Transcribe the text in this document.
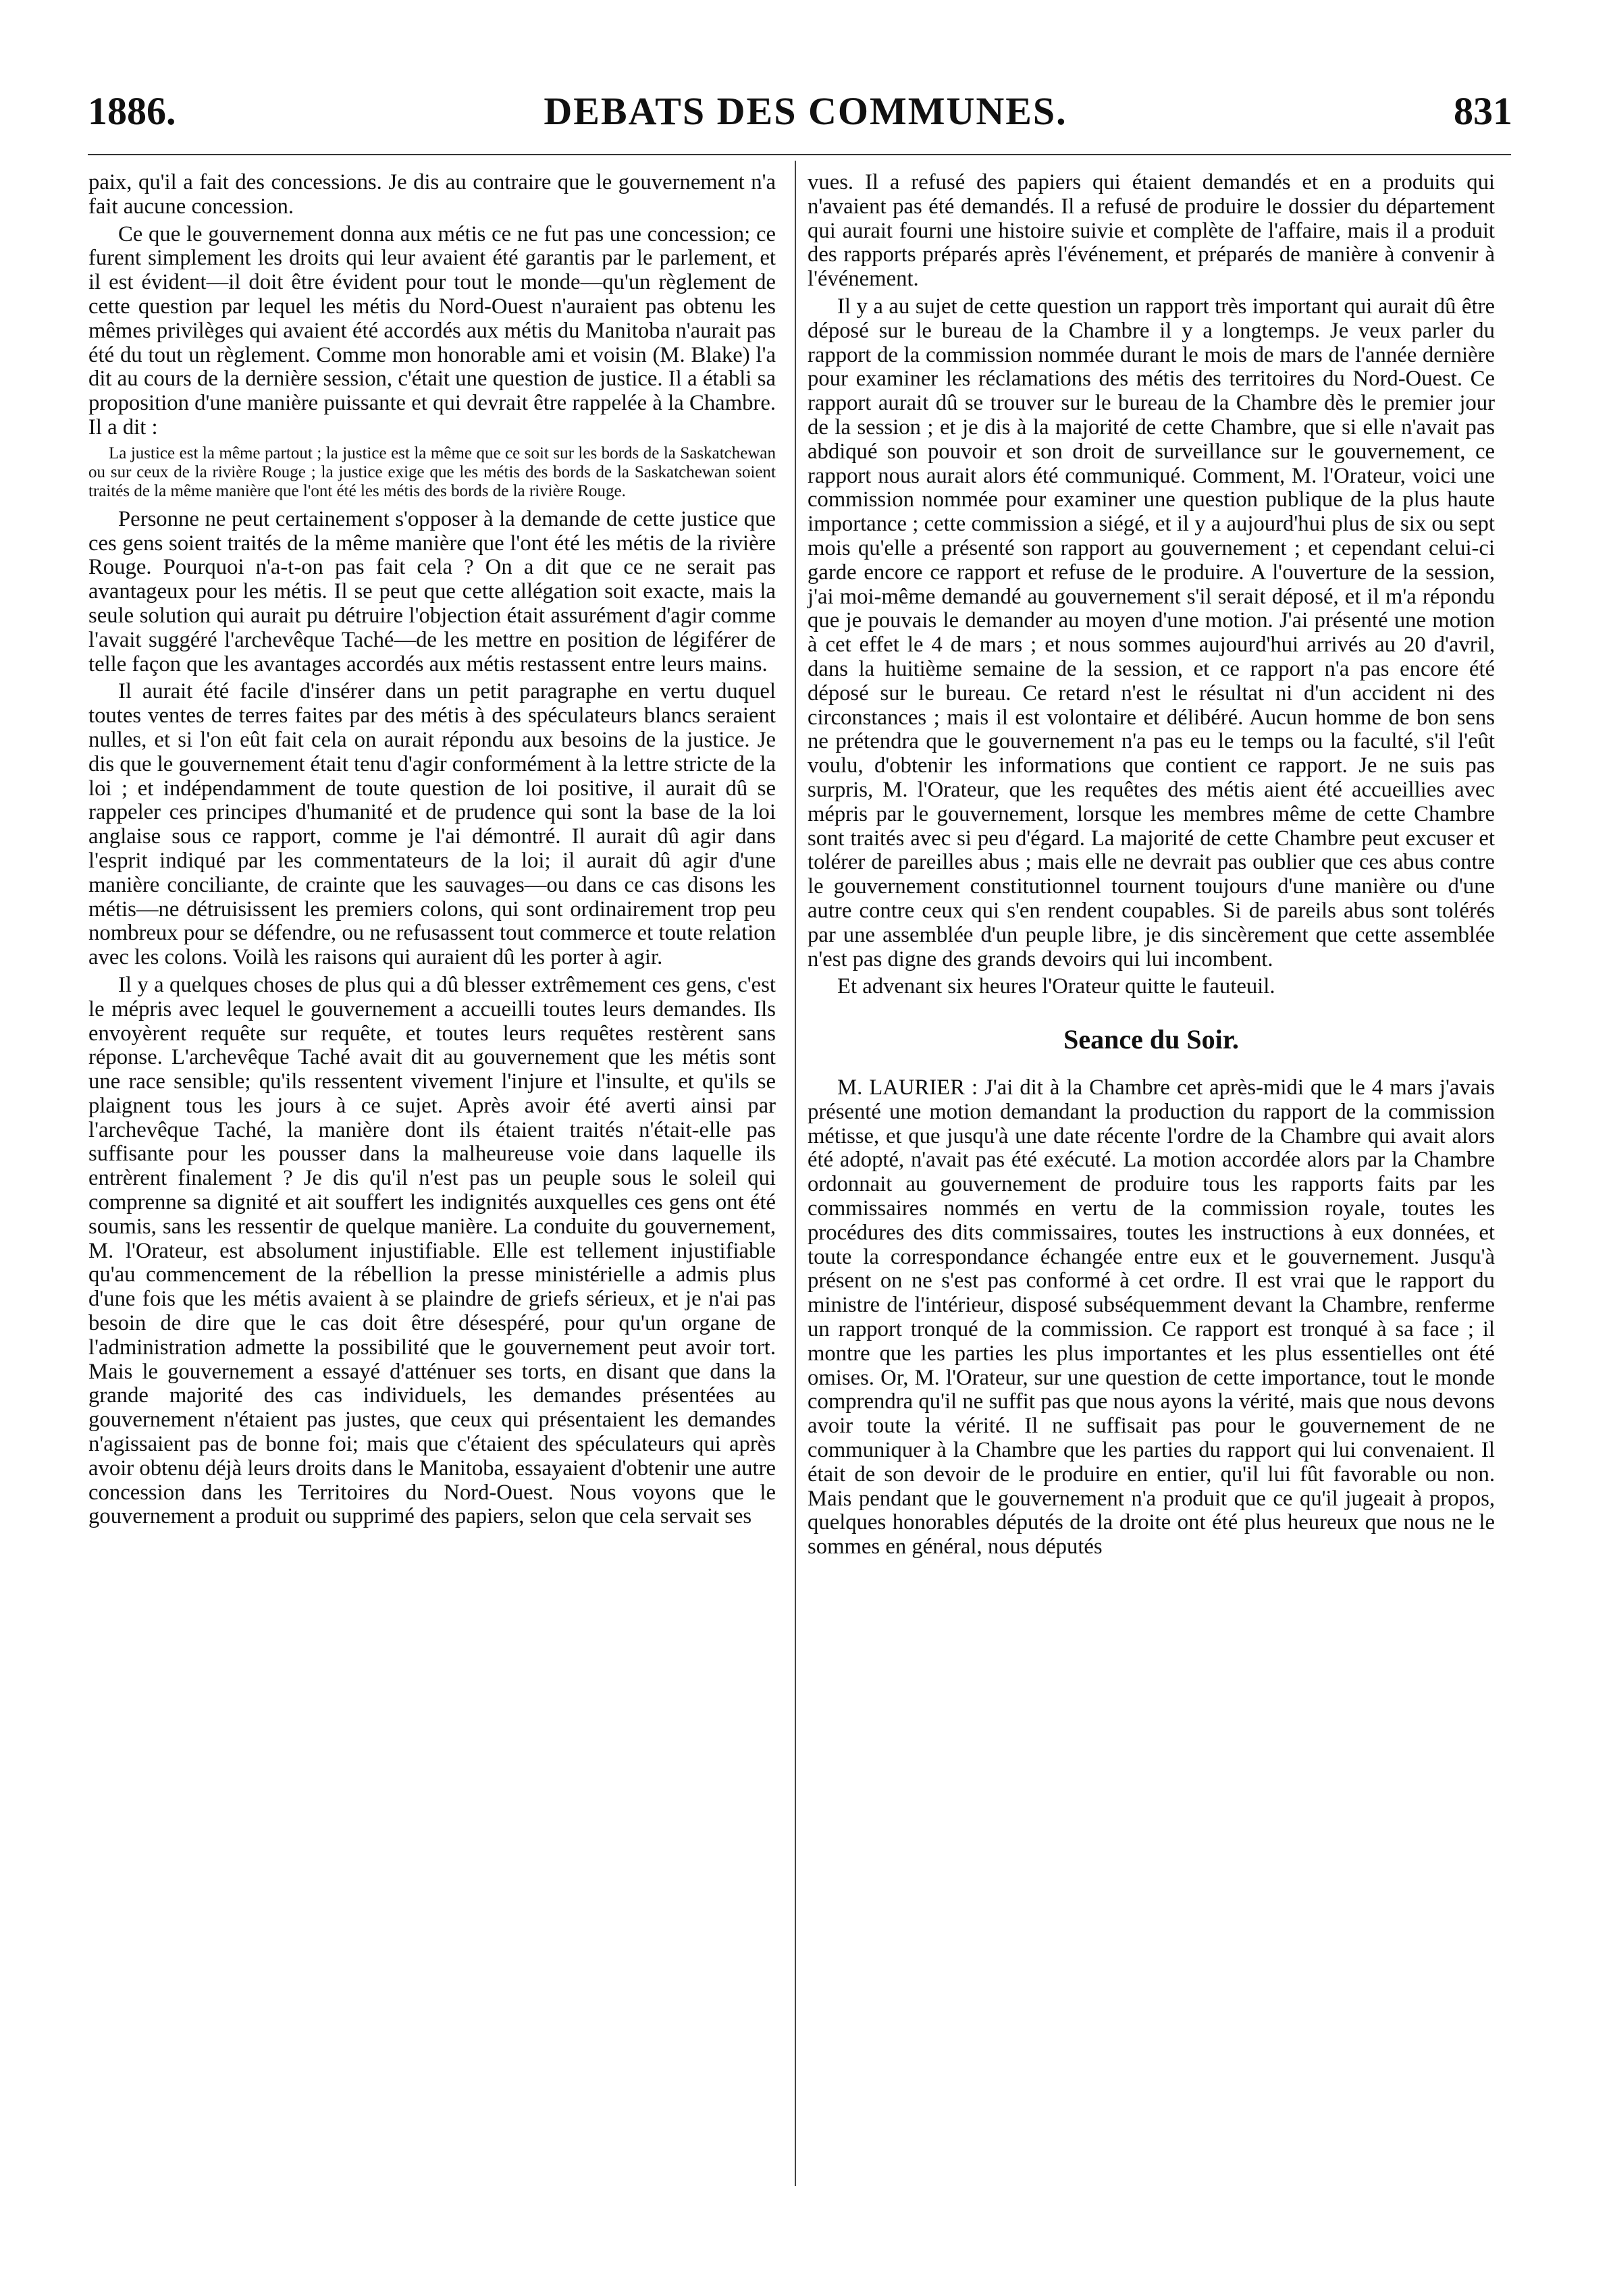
1886.	DEBATS DES COMMUNES.	831

paix, qu'il a fait des concessions. Je dis au contraire que le gouvernement n'a fait aucune concession.

Ce que le gouvernement donna aux métis ce ne fut pas une concession; ce furent simplement les droits qui leur avaient été garantis par le parlement, et il est évident—il doit être évident pour tout le monde—qu'un règlement de cette question par lequel les métis du Nord-Ouest n'auraient pas obtenu les mêmes privilèges qui avaient été accordés aux métis du Manitoba n'aurait pas été du tout un règlement. Comme mon honorable ami et voisin (M. Blake) l'a dit au cours de la dernière session, c'était une question de justice. Il a établi sa proposition d'une manière puissante et qui devrait être rappelée à la Chambre. Il a dit :

La justice est la même partout ; la justice est la même que ce soit sur les bords de la Saskatchewan ou sur ceux de la rivière Rouge ; la justice exige que les métis des bords de la Saskatchewan soient traités de la même manière que l'ont été les métis des bords de la rivière Rouge.

Personne ne peut certainement s'opposer à la demande de cette justice que ces gens soient traités de la même manière que l'ont été les métis de la rivière Rouge. Pourquoi n'a-t-on pas fait cela ? On a dit que ce ne serait pas avantageux pour les métis. Il se peut que cette allégation soit exacte, mais la seule solution qui aurait pu détruire l'objection était assurément d'agir comme l'avait suggéré l'archevêque Taché—de les mettre en position de légiférer de telle façon que les avantages accordés aux métis restassent entre leurs mains.

Il aurait été facile d'insérer dans un petit paragraphe en vertu duquel toutes ventes de terres faites par des métis à des spéculateurs blancs seraient nulles, et si l'on eût fait cela on aurait répondu aux besoins de la justice. Je dis que le gouvernement était tenu d'agir conformément à la lettre stricte de la loi ; et indépendamment de toute question de loi positive, il aurait dû se rappeler ces principes d'humanité et de prudence qui sont la base de la loi anglaise sous ce rapport, comme je l'ai démontré. Il aurait dû agir dans l'esprit indiqué par les commentateurs de la loi; il aurait dû agir d'une manière conciliante, de crainte que les sauvages—ou dans ce cas disons les métis—ne détruisissent les premiers colons, qui sont ordinairement trop peu nombreux pour se défendre, ou ne refusassent tout commerce et toute relation avec les colons. Voilà les raisons qui auraient dû les porter à agir.

Il y a quelques choses de plus qui a dû blesser extrêmement ces gens, c'est le mépris avec lequel le gouvernement a accueilli toutes leurs demandes. Ils envoyèrent requête sur requête, et toutes leurs requêtes restèrent sans réponse. L'archevêque Taché avait dit au gouvernement que les métis sont une race sensible; qu'ils ressentent vivement l'injure et l'insulte, et qu'ils se plaignent tous les jours à ce sujet. Après avoir été averti ainsi par l'archevêque Taché, la manière dont ils étaient traités n'était-elle pas suffisante pour les pousser dans la malheureuse voie dans laquelle ils entrèrent finalement ? Je dis qu'il n'est pas un peuple sous le soleil qui comprenne sa dignité et ait souffert les indignités auxquelles ces gens ont été soumis, sans les ressentir de quelque manière. La conduite du gouvernement, M. l'Orateur, est absolument injustifiable. Elle est tellement injustifiable qu'au commencement de la rébellion la presse ministérielle a admis plus d'une fois que les métis avaient à se plaindre de griefs sérieux, et je n'ai pas besoin de dire que le cas doit être désespéré, pour qu'un organe de l'administration admette la possibilité que le gouvernement peut avoir tort. Mais le gouvernement a essayé d'atténuer ses torts, en disant que dans la grande majorité des cas individuels, les demandes présentées au gouvernement n'étaient pas justes, que ceux qui présentaient les demandes n'agissaient pas de bonne foi; mais que c'étaient des spéculateurs qui après avoir obtenu déjà leurs droits dans le Manitoba, essayaient d'obtenir une autre concession dans les Territoires du Nord-Ouest. Nous voyons que le gouvernement a produit ou supprimé des papiers, selon que cela servait ses

vues. Il a refusé des papiers qui étaient demandés et en a produits qui n'avaient pas été demandés. Il a refusé de produire le dossier du département qui aurait fourni une histoire suivie et complète de l'affaire, mais il a produit des rapports préparés après l'événement, et préparés de manière à convenir à l'événement.

Il y a au sujet de cette question un rapport très important qui aurait dû être déposé sur le bureau de la Chambre il y a longtemps. Je veux parler du rapport de la commission nommée durant le mois de mars de l'année dernière pour examiner les réclamations des métis des territoires du Nord-Ouest. Ce rapport aurait dû se trouver sur le bureau de la Chambre dès le premier jour de la session ; et je dis à la majorité de cette Chambre, que si elle n'avait pas abdiqué son pouvoir et son droit de surveillance sur le gouvernement, ce rapport nous aurait alors été communiqué. Comment, M. l'Orateur, voici une commission nommée pour examiner une question publique de la plus haute importance ; cette commission a siégé, et il y a aujourd'hui plus de six ou sept mois qu'elle a présenté son rapport au gouvernement ; et cependant celui-ci garde encore ce rapport et refuse de le produire. A l'ouverture de la session, j'ai moi-même demandé au gouvernement s'il serait déposé, et il m'a répondu que je pouvais le demander au moyen d'une motion. J'ai présenté une motion à cet effet le 4 de mars ; et nous sommes aujourd'hui arrivés au 20 d'avril, dans la huitième semaine de la session, et ce rapport n'a pas encore été déposé sur le bureau. Ce retard n'est le résultat ni d'un accident ni des circonstances ; mais il est volontaire et délibéré. Aucun homme de bon sens ne prétendra que le gouvernement n'a pas eu le temps ou la faculté, s'il l'eût voulu, d'obtenir les informations que contient ce rapport. Je ne suis pas surpris, M. l'Orateur, que les requêtes des métis aient été accueillies avec mépris par le gouvernement, lorsque les membres même de cette Chambre sont traités avec si peu d'égard. La majorité de cette Chambre peut excuser et tolérer de pareilles abus ; mais elle ne devrait pas oublier que ces abus contre le gouvernement constitutionnel tournent toujours d'une manière ou d'une autre contre ceux qui s'en rendent coupables. Si de pareils abus sont tolérés par une assemblée d'un peuple libre, je dis sincèrement que cette assemblée n'est pas digne des grands devoirs qui lui incombent.

Et advenant six heures l'Orateur quitte le fauteuil.

Seance du Soir.

M. LAURIER : J'ai dit à la Chambre cet après-midi que le 4 mars j'avais présenté une motion demandant la production du rapport de la commission métisse, et que jusqu'à une date récente l'ordre de la Chambre qui avait alors été adopté, n'avait pas été exécuté. La motion accordée alors par la Chambre ordonnait au gouvernement de produire tous les rapports faits par les commissaires nommés en vertu de la commission royale, toutes les procédures des dits commissaires, toutes les instructions à eux données, et toute la correspondance échangée entre eux et le gouvernement. Jusqu'à présent on ne s'est pas conformé à cet ordre. Il est vrai que le rapport du ministre de l'intérieur, disposé subséquemment devant la Chambre, renferme un rapport tronqué de la commission. Ce rapport est tronqué à sa face ; il montre que les parties les plus importantes et les plus essentielles ont été omises. Or, M. l'Orateur, sur une question de cette importance, tout le monde comprendra qu'il ne suffit pas que nous ayons la vérité, mais que nous devons avoir toute la vérité. Il ne suffisait pas pour le gouvernement de ne communiquer à la Chambre que les parties du rapport qui lui convenaient. Il était de son devoir de le produire en entier, qu'il lui fût favorable ou non. Mais pendant que le gouvernement n'a produit que ce qu'il jugeait à propos, quelques honorables députés de la droite ont été plus heureux que nous ne le sommes en général, nous députés
